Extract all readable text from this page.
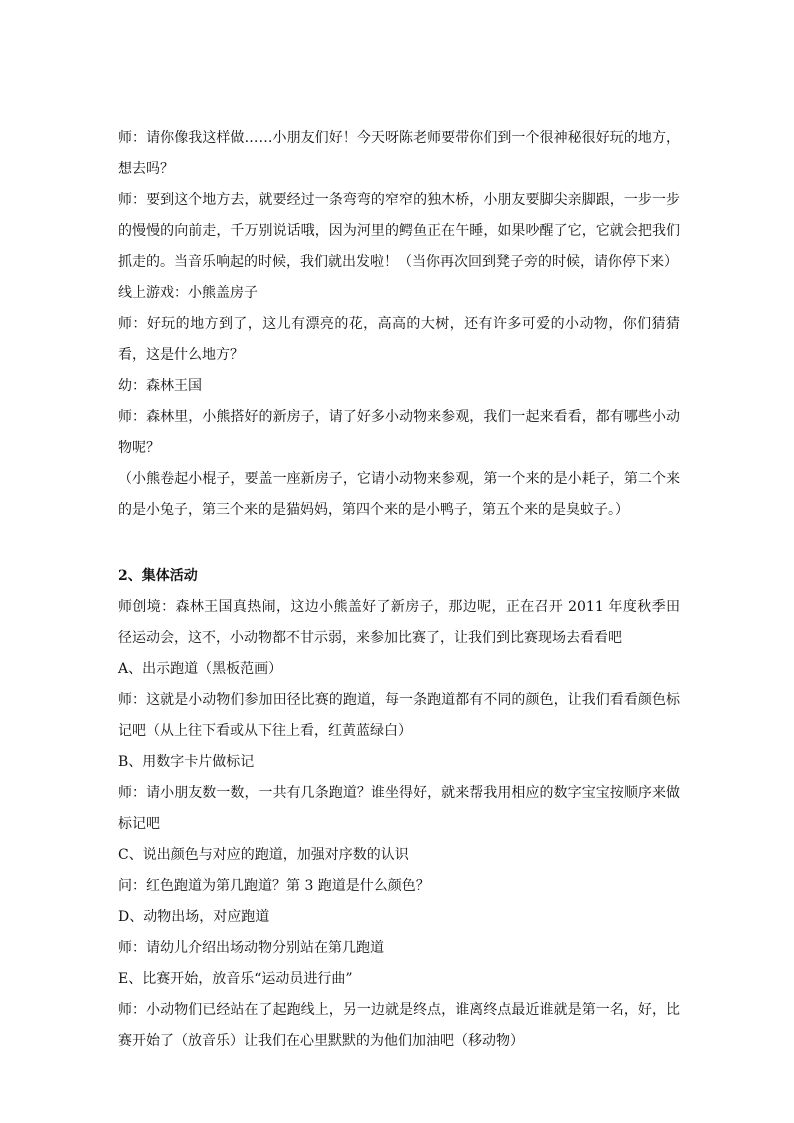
师：请你像我这样做……小朋友们好！今天呀陈老师要带你们到一个很神秘很好玩的地方，想去吗？

师：要到这个地方去，就要经过一条弯弯的窄窄的独木桥，小朋友要脚尖亲脚跟，一步一步的慢慢的向前走，千万别说话哦，因为河里的鳄鱼正在午睡，如果吵醒了它，它就会把我们抓走的。当音乐响起的时候，我们就出发啦！（当你再次回到凳子旁的时候，请你停下来）

线上游戏：小熊盖房子

师：好玩的地方到了，这儿有漂亮的花，高高的大树，还有许多可爱的小动物，你们猜猜看，这是什么地方？

幼：森林王国

师：森林里，小熊搭好的新房子，请了好多小动物来参观，我们一起来看看，都有哪些小动物呢？

（小熊卷起小棍子，要盖一座新房子，它请小动物来参观，第一个来的是小耗子，第二个来的是小兔子，第三个来的是猫妈妈，第四个来的是小鸭子，第五个来的是臭蚊子。）

2、集体活动

师创境：森林王国真热闹，这边小熊盖好了新房子，那边呢，正在召开 2011 年度秋季田径运动会，这不，小动物都不甘示弱，来参加比赛了，让我们到比赛现场去看看吧

A、出示跑道（黑板范画）

师：这就是小动物们参加田径比赛的跑道，每一条跑道都有不同的颜色，让我们看看颜色标记吧（从上往下看或从下往上看，红黄蓝绿白）

B、用数字卡片做标记

师：请小朋友数一数，一共有几条跑道？谁坐得好，就来帮我用相应的数字宝宝按顺序来做标记吧

C、说出颜色与对应的跑道，加强对序数的认识

问：红色跑道为第几跑道？第 3 跑道是什么颜色？

D、动物出场，对应跑道

师：请幼儿介绍出场动物分别站在第几跑道

E、比赛开始，放音乐“运动员进行曲”

师：小动物们已经站在了起跑线上，另一边就是终点，谁离终点最近谁就是第一名，好，比赛开始了（放音乐）让我们在心里默默的为他们加油吧（移动物）
